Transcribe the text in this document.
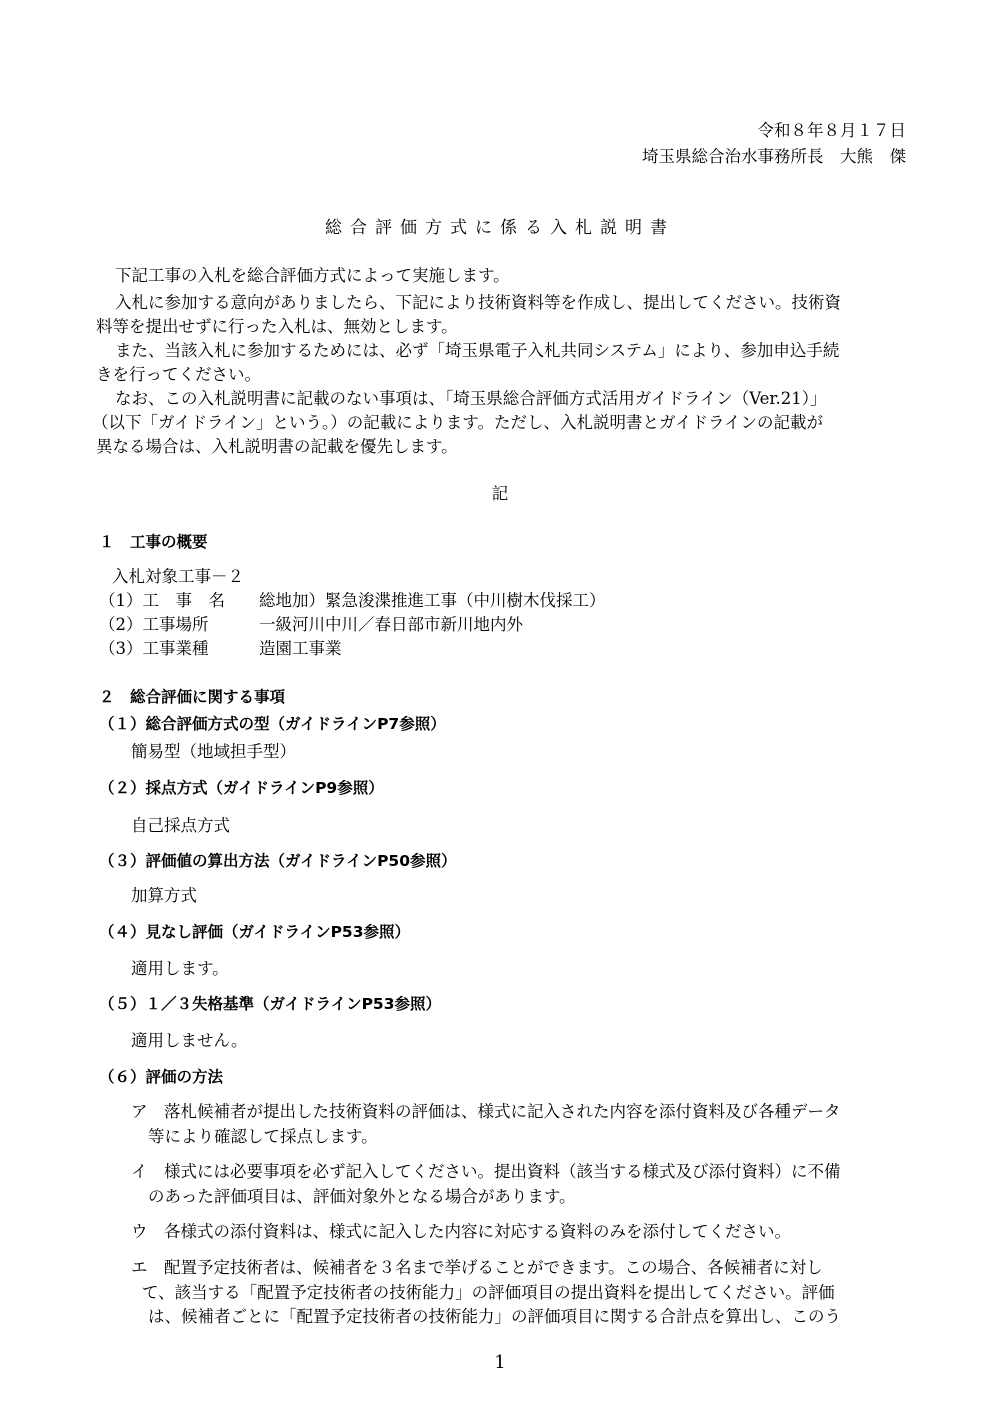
令和８年８月１７日
埼玉県総合治水事務所長　大熊　傑
総合評価方式に係る入札説明書
下記工事の入札を総合評価方式によって実施します。
入札に参加する意向がありましたら、下記により技術資料等を作成し、提出してください。技術資
料等を提出せずに行った入札は、無効とします。
また、当該入札に参加するためには、必ず「埼玉県電子入札共同システム」により、参加申込手続
きを行ってください。
なお、この入札説明書に記載のない事項は、「埼玉県総合評価方式活用ガイドライン（Ver.21）」
（以下「ガイドライン」という。）の記載によります。ただし、入札説明書とガイドラインの記載が
異なる場合は、入札説明書の記載を優先します。
記
１　工事の概要
入札対象工事－２
（1）工　事　名 総地加）緊急浚渫推進工事（中川樹木伐採工）
（2）工事場所	一級河川中川／春日部市新川地内外
（3）工事業種	造園工事業
２　総合評価に関する事項
（１）総合評価方式の型（ガイドラインP7参照）
簡易型（地域担手型）
（２）採点方式（ガイドラインP9参照）
自己採点方式
（３）評価値の算出方法（ガイドラインP50参照）
加算方式
（４）見なし評価（ガイドラインP53参照）
適用します。
（５）１／３失格基準（ガイドラインP53参照）
適用しません。
（６）評価の方法
ア　落札候補者が提出した技術資料の評価は、様式に記入された内容を添付資料及び各種データ
等により確認して採点します。
イ　様式には必要事項を必ず記入してください。提出資料（該当する様式及び添付資料）に不備
のあった評価項目は、評価対象外となる場合があります。
ウ　各様式の添付資料は、様式に記入した内容に対応する資料のみを添付してください。
エ　配置予定技術者は、候補者を３名まで挙げることができます。この場合、各候補者に対し
て、該当する「配置予定技術者の技術能力」の評価項目の提出資料を提出してください。評価
は、候補者ごとに「配置予定技術者の技術能力」の評価項目に関する合計点を算出し、このう
1
